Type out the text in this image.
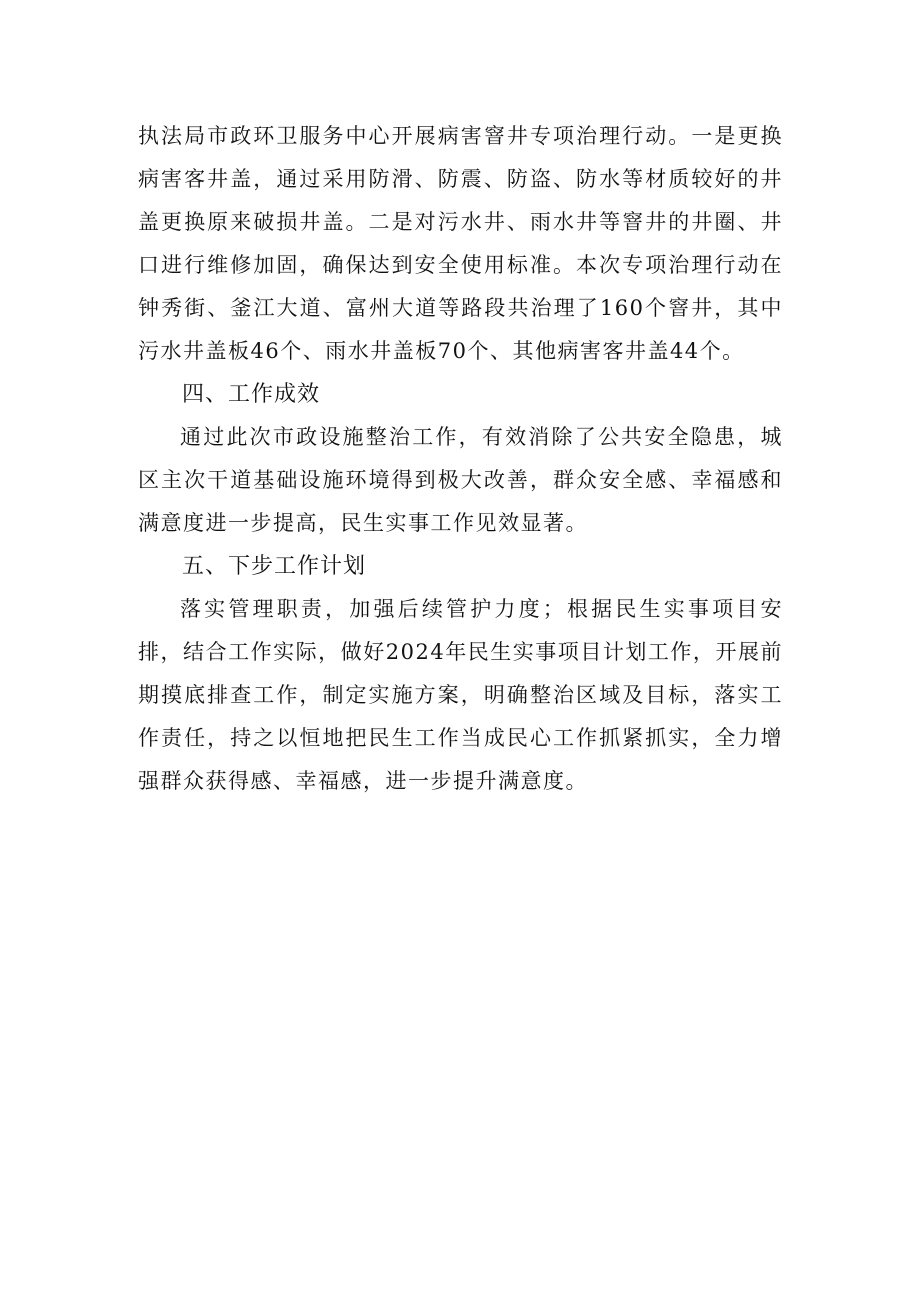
执法局市政环卫服务中心开展病害窨井专项治理行动。一是更换病害客井盖，通过采用防滑、防震、防盗、防水等材质较好的井盖更换原来破损井盖。二是对污水井、雨水井等窨井的井圈、井口进行维修加固，确保达到安全使用标准。本次专项治理行动在钟秀街、釜江大道、富州大道等路段共治理了160个窨井，其中污水井盖板46个、雨水井盖板70个、其他病害客井盖44个。

四、工作成效

通过此次市政设施整治工作，有效消除了公共安全隐患，城区主次干道基础设施环境得到极大改善，群众安全感、幸福感和满意度进一步提高，民生实事工作见效显著。

五、下步工作计划

落实管理职责，加强后续管护力度；根据民生实事项目安排，结合工作实际，做好2024年民生实事项目计划工作，开展前期摸底排查工作，制定实施方案，明确整治区域及目标，落实工作责任，持之以恒地把民生工作当成民心工作抓紧抓实，全力增强群众获得感、幸福感，进一步提升满意度。
